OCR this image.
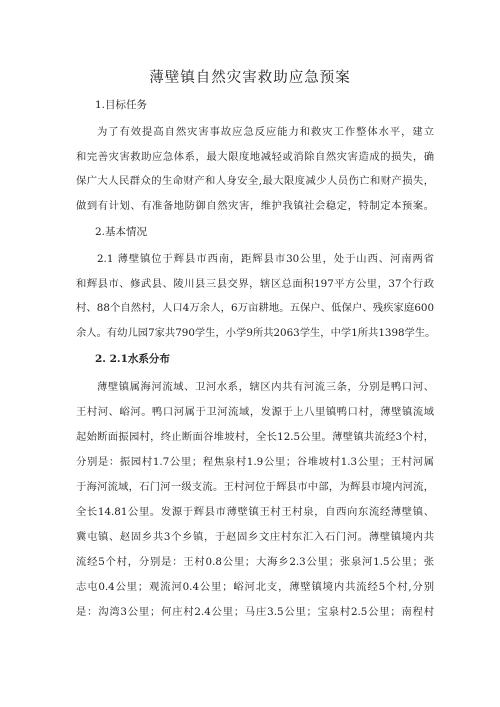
薄壁镇自然灾害救助应急预案
1.目标任务
为了有效提高自然灾害事故应急反应能力和救灾工作整体水平，建立
和完善灾害救助应急体系，最大限度地减轻或消除自然灾害造成的损失，确
保广大人民群众的生命财产和人身安全,最大限度减少人员伤亡和财产损失，
做到有计划、有准备地防御自然灾害，维护我镇社会稳定，特制定本预案。
2.基本情况
2.1 薄壁镇位于辉县市西南，距辉县市30公里，处于山西、河南两省
和辉县市、修武县、陵川县三县交界，辖区总面积197平方公里，37个行政
村、88个自然村，人口4万余人，6万亩耕地。五保户、低保户、残疾家庭600
余人。有幼儿园7家共790学生，小学9所共2063学生，中学1所共1398学生。
2. 2.1水系分布
薄壁镇属海河流域、卫河水系，辖区内共有河流三条，分别是鸭口河、
王村河、峪河。鸭口河属于卫河流域，发源于上八里镇鸭口村，薄壁镇流域
起始断面振园村，终止断面谷堆坡村，全长12.5公里。薄壁镇共流经3个村，
分别是：振园村1.7公里；程焦泉村1.9公里；谷堆坡村1.3公里；王村河属
于海河流域，石门河一级支流。王村河位于辉县市中部，为辉县市境内河流，
全长14.81公里。发源于辉县市薄壁镇王村王村泉，自西向东流经薄壁镇、
冀屯镇、赵固乡共3个乡镇，于赵固乡文庄村东汇入石门河。薄壁镇境内共
流经5个村，分别是：王村0.8公里；大海乡2.3公里；张泉河1.5公里；张
志屯0.4公里；观流河0.4公里；峪河北支，薄壁镇境内共流经5个村,分别
是：沟湾3公里；何庄村2.4公里；马庄3.5公里；宝泉村2.5公里；南程村
